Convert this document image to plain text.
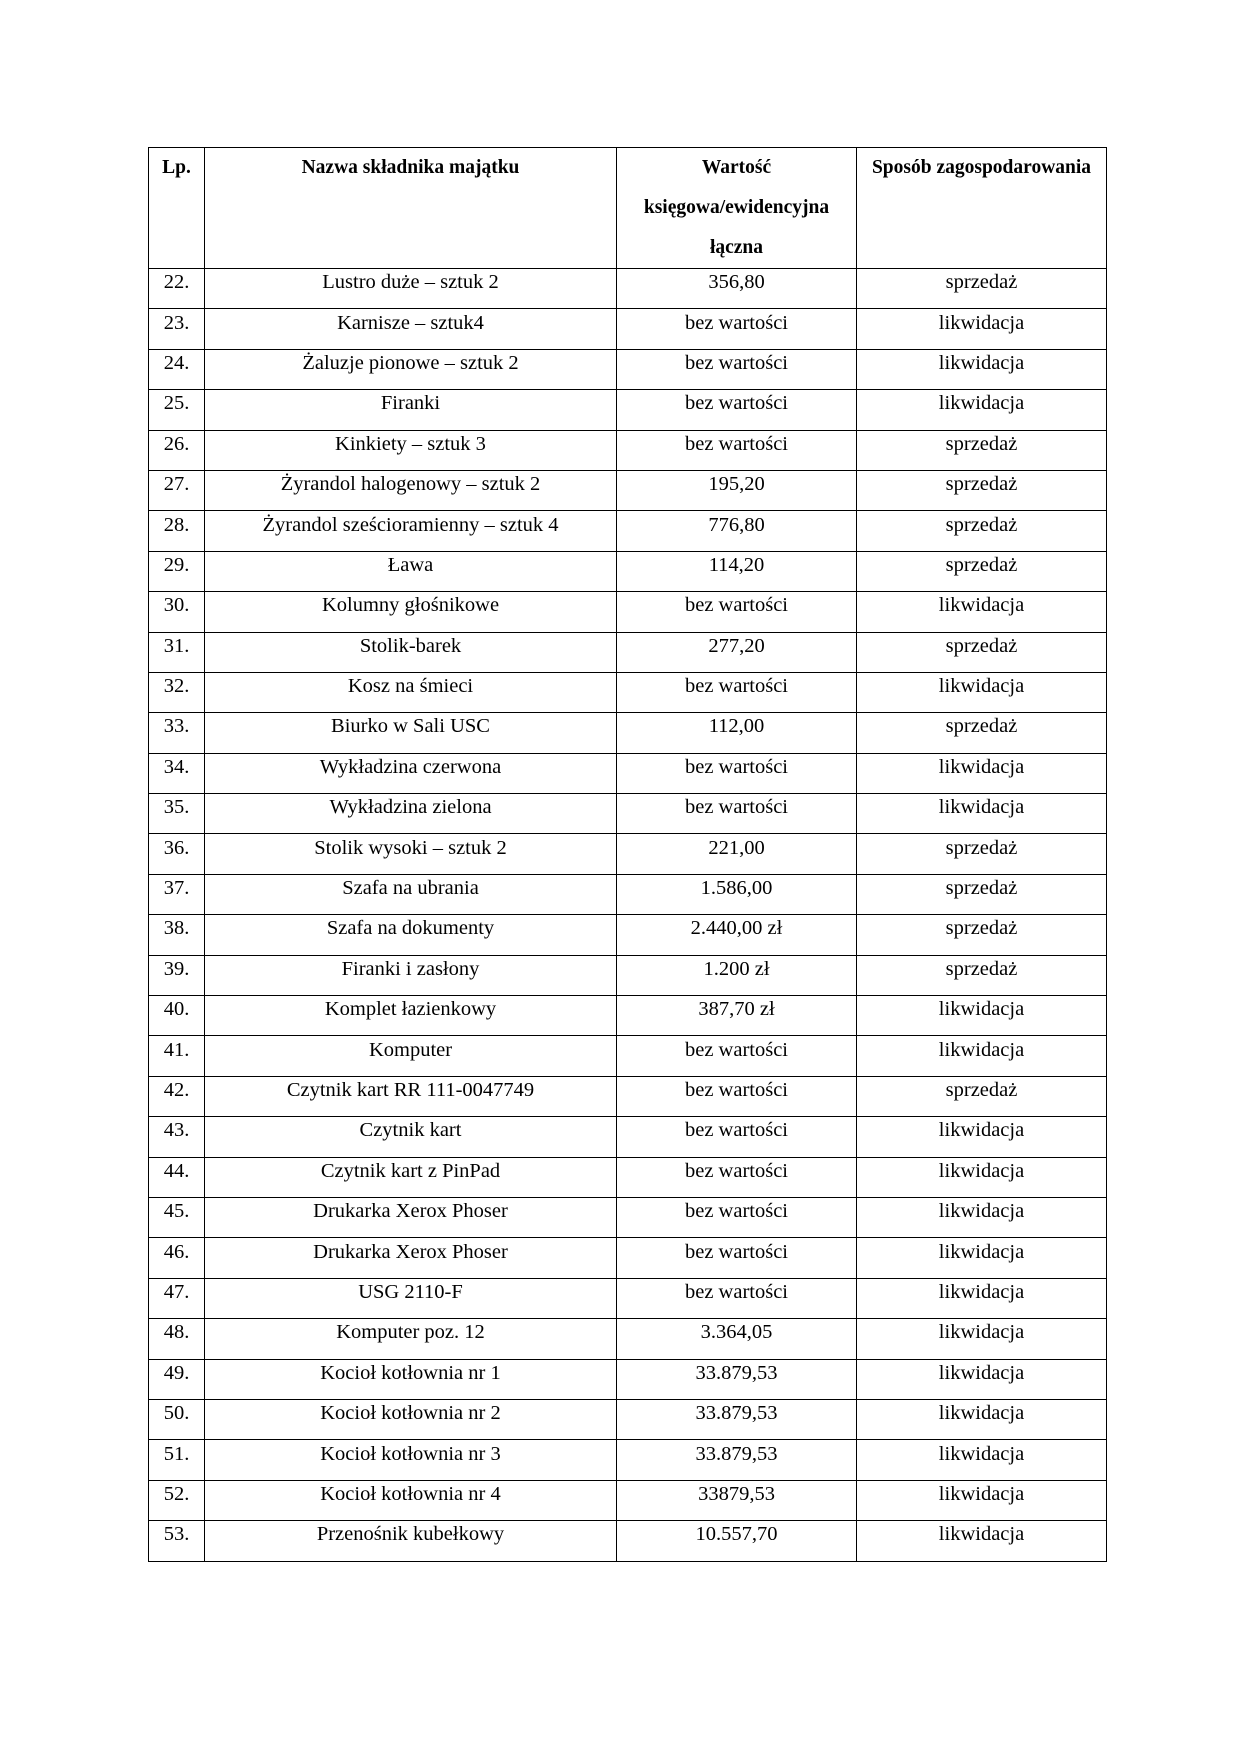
Lp.	Nazwa składnika majątku	Wartość księgowa/ewidencyjna łączna	Sposób zagospodarowania

22.	Lustro duże – sztuk 2	356,80	sprzedaż

23.	Karnisze – sztuk4	bez wartości	likwidacja

24.	Żaluzje pionowe – sztuk 2	bez wartości	likwidacja

25.	Firanki	bez wartości	likwidacja

26.	Kinkiety – sztuk 3	bez wartości	sprzedaż

27.	Żyrandol halogenowy – sztuk 2	195,20	sprzedaż

28.	Żyrandol sześcioramienny – sztuk 4	776,80	sprzedaż

29.	Ława	114,20	sprzedaż

30.	Kolumny głośnikowe	bez wartości	likwidacja

31.	Stolik-barek	277,20	sprzedaż

32.	Kosz na śmieci	bez wartości	likwidacja

33.	Biurko w Sali USC	112,00	sprzedaż

34.	Wykładzina czerwona	bez wartości	likwidacja

35.	Wykładzina zielona	bez wartości	likwidacja

36.	Stolik wysoki – sztuk 2	221,00	sprzedaż

37.	Szafa na ubrania	1.586,00	sprzedaż

38.	Szafa na dokumenty	2.440,00 zł	sprzedaż

39.	Firanki i zasłony	1.200 zł	sprzedaż

40.	Komplet łazienkowy	387,70 zł	likwidacja

41.	Komputer	bez wartości	likwidacja

42.	Czytnik kart RR 111-0047749	bez wartości	sprzedaż

43.	Czytnik kart	bez wartości	likwidacja

44.	Czytnik kart z PinPad	bez wartości	likwidacja

45.	Drukarka Xerox Phoser	bez wartości	likwidacja

46.	Drukarka Xerox Phoser	bez wartości	likwidacja

47.	USG 2110-F	bez wartości	likwidacja

48.	Komputer poz. 12	3.364,05	likwidacja

49.	Kocioł kotłownia nr 1	33.879,53	likwidacja

50.	Kocioł kotłownia nr 2	33.879,53	likwidacja

51.	Kocioł kotłownia nr 3	33.879,53	likwidacja

52.	Kocioł kotłownia nr 4	33879,53	likwidacja

53.	Przenośnik kubełkowy	10.557,70	likwidacja
